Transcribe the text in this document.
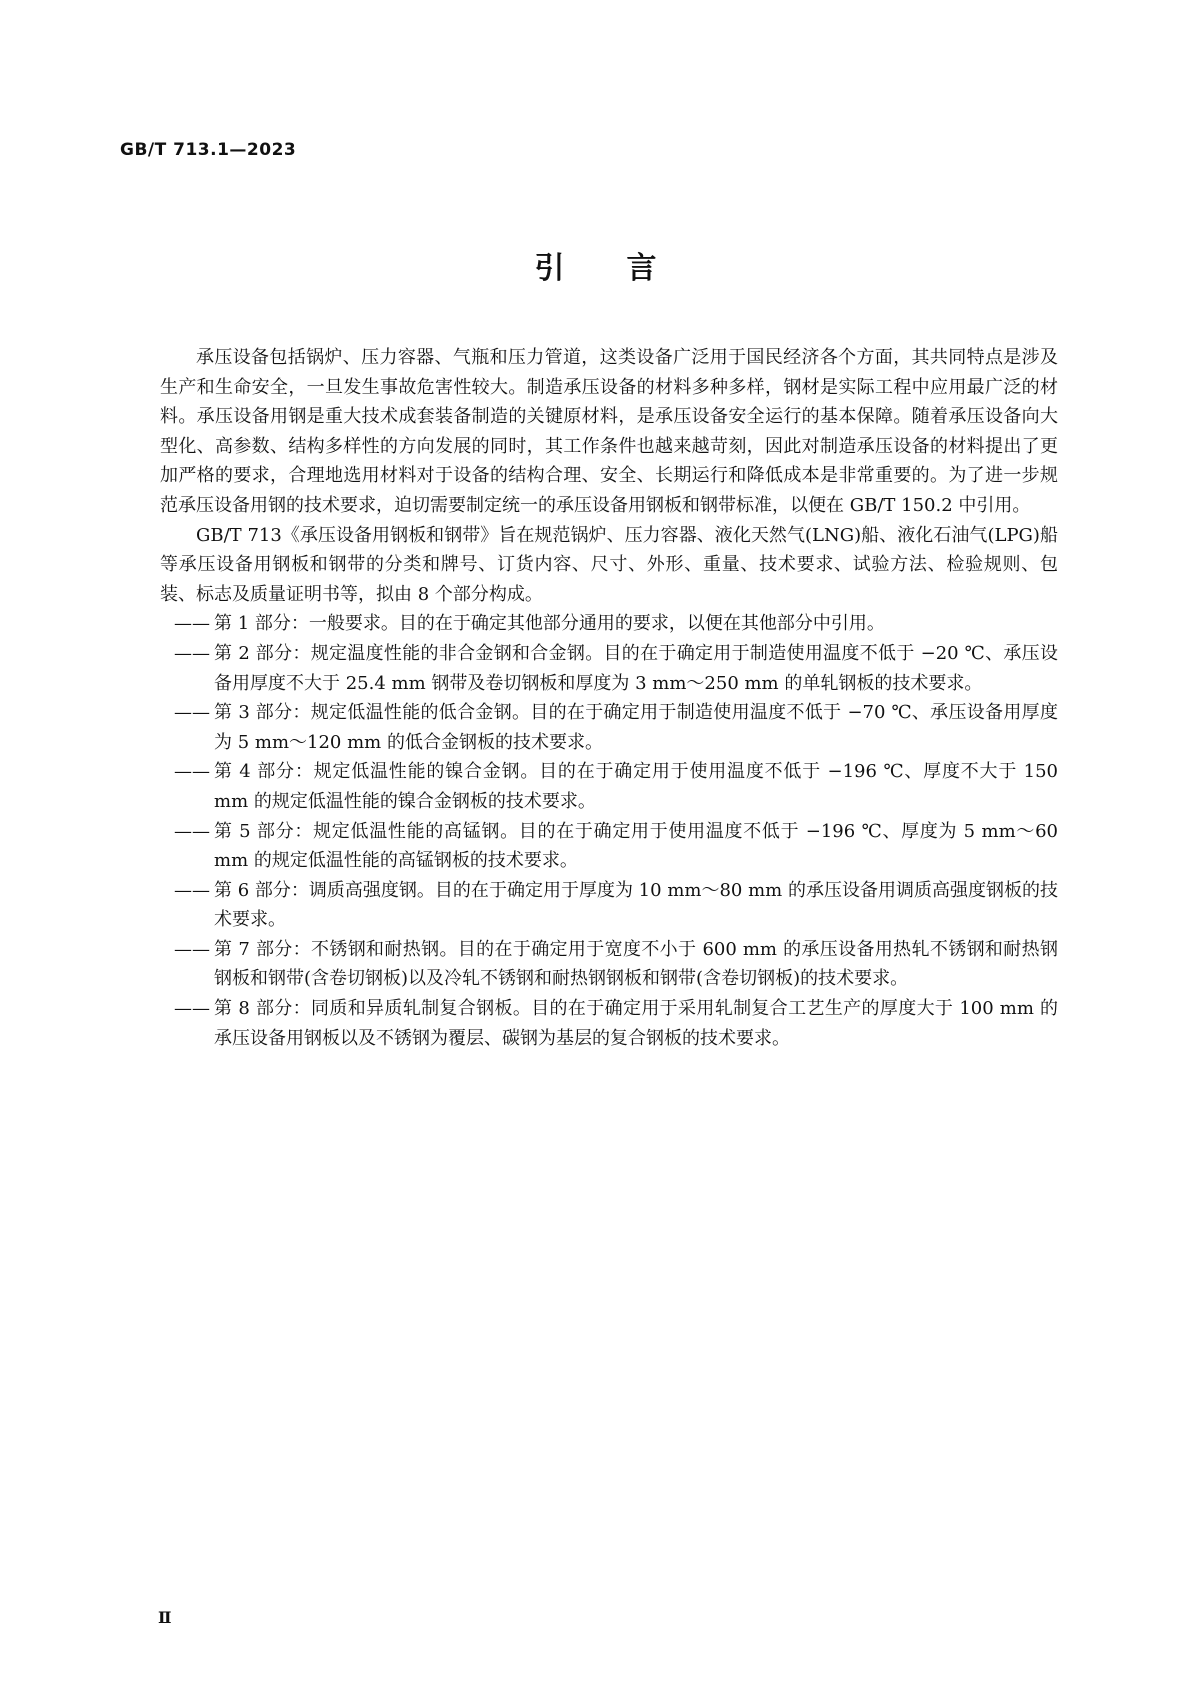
GB/T 713.1—2023
引言

承压设备包括锅炉、压力容器、气瓶和压力管道，这类设备广泛用于国民经济各个方面，其共同特点是涉及生产和生命安全，一旦发生事故危害性较大。制造承压设备的材料多种多样，钢材是实际工程中应用最广泛的材料。承压设备用钢是重大技术成套装备制造的关键原材料，是承压设备安全运行的基本保障。随着承压设备向大型化、高参数、结构多样性的方向发展的同时，其工作条件也越来越苛刻，因此对制造承压设备的材料提出了更加严格的要求，合理地选用材料对于设备的结构合理、安全、长期运行和降低成本是非常重要的。为了进一步规范承压设备用钢的技术要求，迫切需要制定统一的承压设备用钢板和钢带标准，以便在 GB/T 150.2 中引用。

GB/T 713《承压设备用钢板和钢带》旨在规范锅炉、压力容器、液化天然气(LNG)船、液化石油气(LPG)船等承压设备用钢板和钢带的分类和牌号、订货内容、尺寸、外形、重量、技术要求、试验方法、检验规则、包装、标志及质量证明书等，拟由 8 个部分构成。

—— 第 1 部分：一般要求。目的在于确定其他部分通用的要求，以便在其他部分中引用。
—— 第 2 部分：规定温度性能的非合金钢和合金钢。目的在于确定用于制造使用温度不低于 −20 ℃、承压设备用厚度不大于 25.4 mm 钢带及卷切钢板和厚度为 3 mm～250 mm 的单轧钢板的技术要求。
—— 第 3 部分：规定低温性能的低合金钢。目的在于确定用于制造使用温度不低于 −70 ℃、承压设备用厚度为 5 mm～120 mm 的低合金钢板的技术要求。
—— 第 4 部分：规定低温性能的镍合金钢。目的在于确定用于使用温度不低于 −196 ℃、厚度不大于 150 mm 的规定低温性能的镍合金钢板的技术要求。
—— 第 5 部分：规定低温性能的高锰钢。目的在于确定用于使用温度不低于 −196 ℃、厚度为 5 mm～60 mm 的规定低温性能的高锰钢板的技术要求。
—— 第 6 部分：调质高强度钢。目的在于确定用于厚度为 10 mm～80 mm 的承压设备用调质高强度钢板的技术要求。
—— 第 7 部分：不锈钢和耐热钢。目的在于确定用于宽度不小于 600 mm 的承压设备用热轧不锈钢和耐热钢钢板和钢带(含卷切钢板)以及冷轧不锈钢和耐热钢钢板和钢带(含卷切钢板)的技术要求。
—— 第 8 部分：同质和异质轧制复合钢板。目的在于确定用于采用轧制复合工艺生产的厚度大于 100 mm 的承压设备用钢板以及不锈钢为覆层、碳钢为基层的复合钢板的技术要求。
Ⅱ
